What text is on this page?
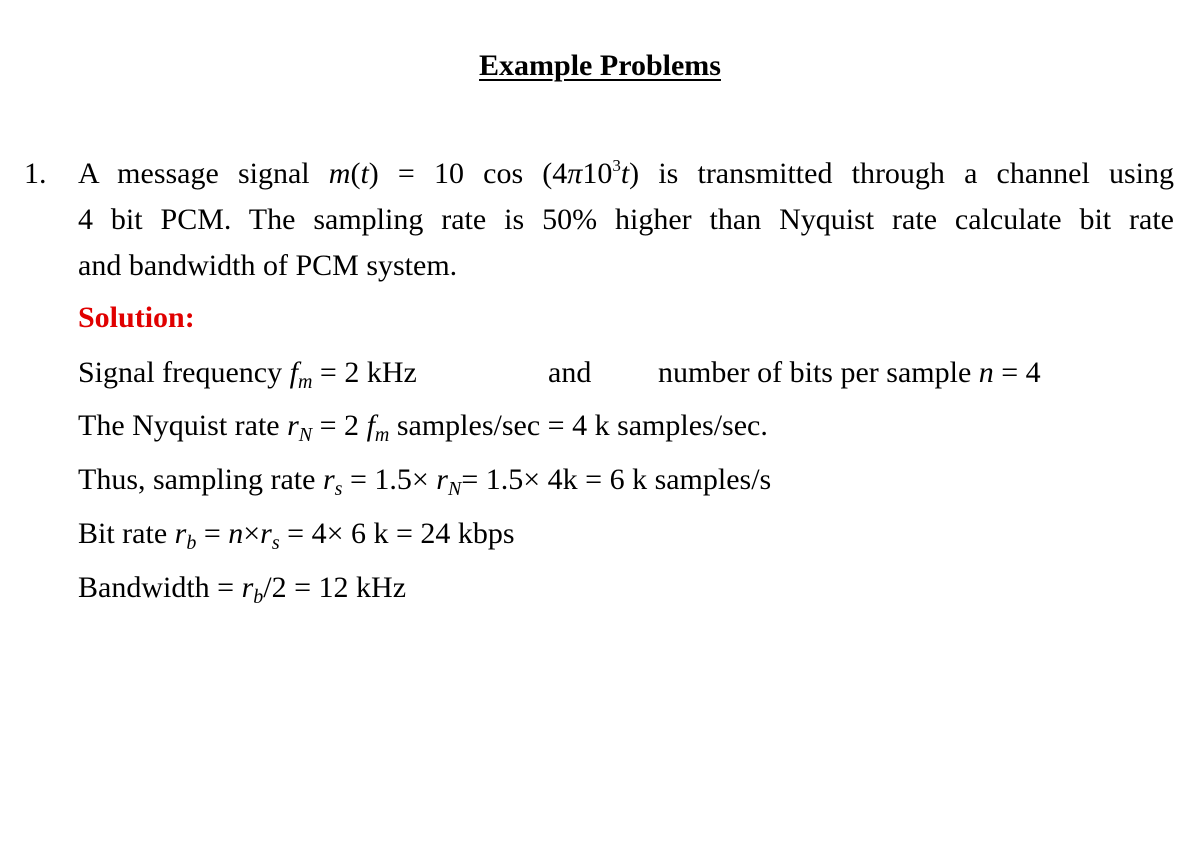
Example Problems
1. A message signal m(t) = 10 $\cos (4\pi 10^3t)$ is transmitted through a channel using
4 bit PCM. The sampling rate is 50% higher than Nyquist rate calculate bit rate
and bandwidth of PCM system.
Solution:
Signal frequency $f_m = 2$ kHz	and number of bits per sample n = 4
The Nyquist rate $r_N = 2$ $f_m$ samples/sec = 4 k samples/sec.
Thus, sampling rate $r_s = 1.5\times r_N= 1.5\times 4k = 6$ k samples/s
Bit rate $r_b = n\times r_s = 4\times 6$ k = 24 kbps
Bandwidth = $r_b/2 = 12$ kHz
